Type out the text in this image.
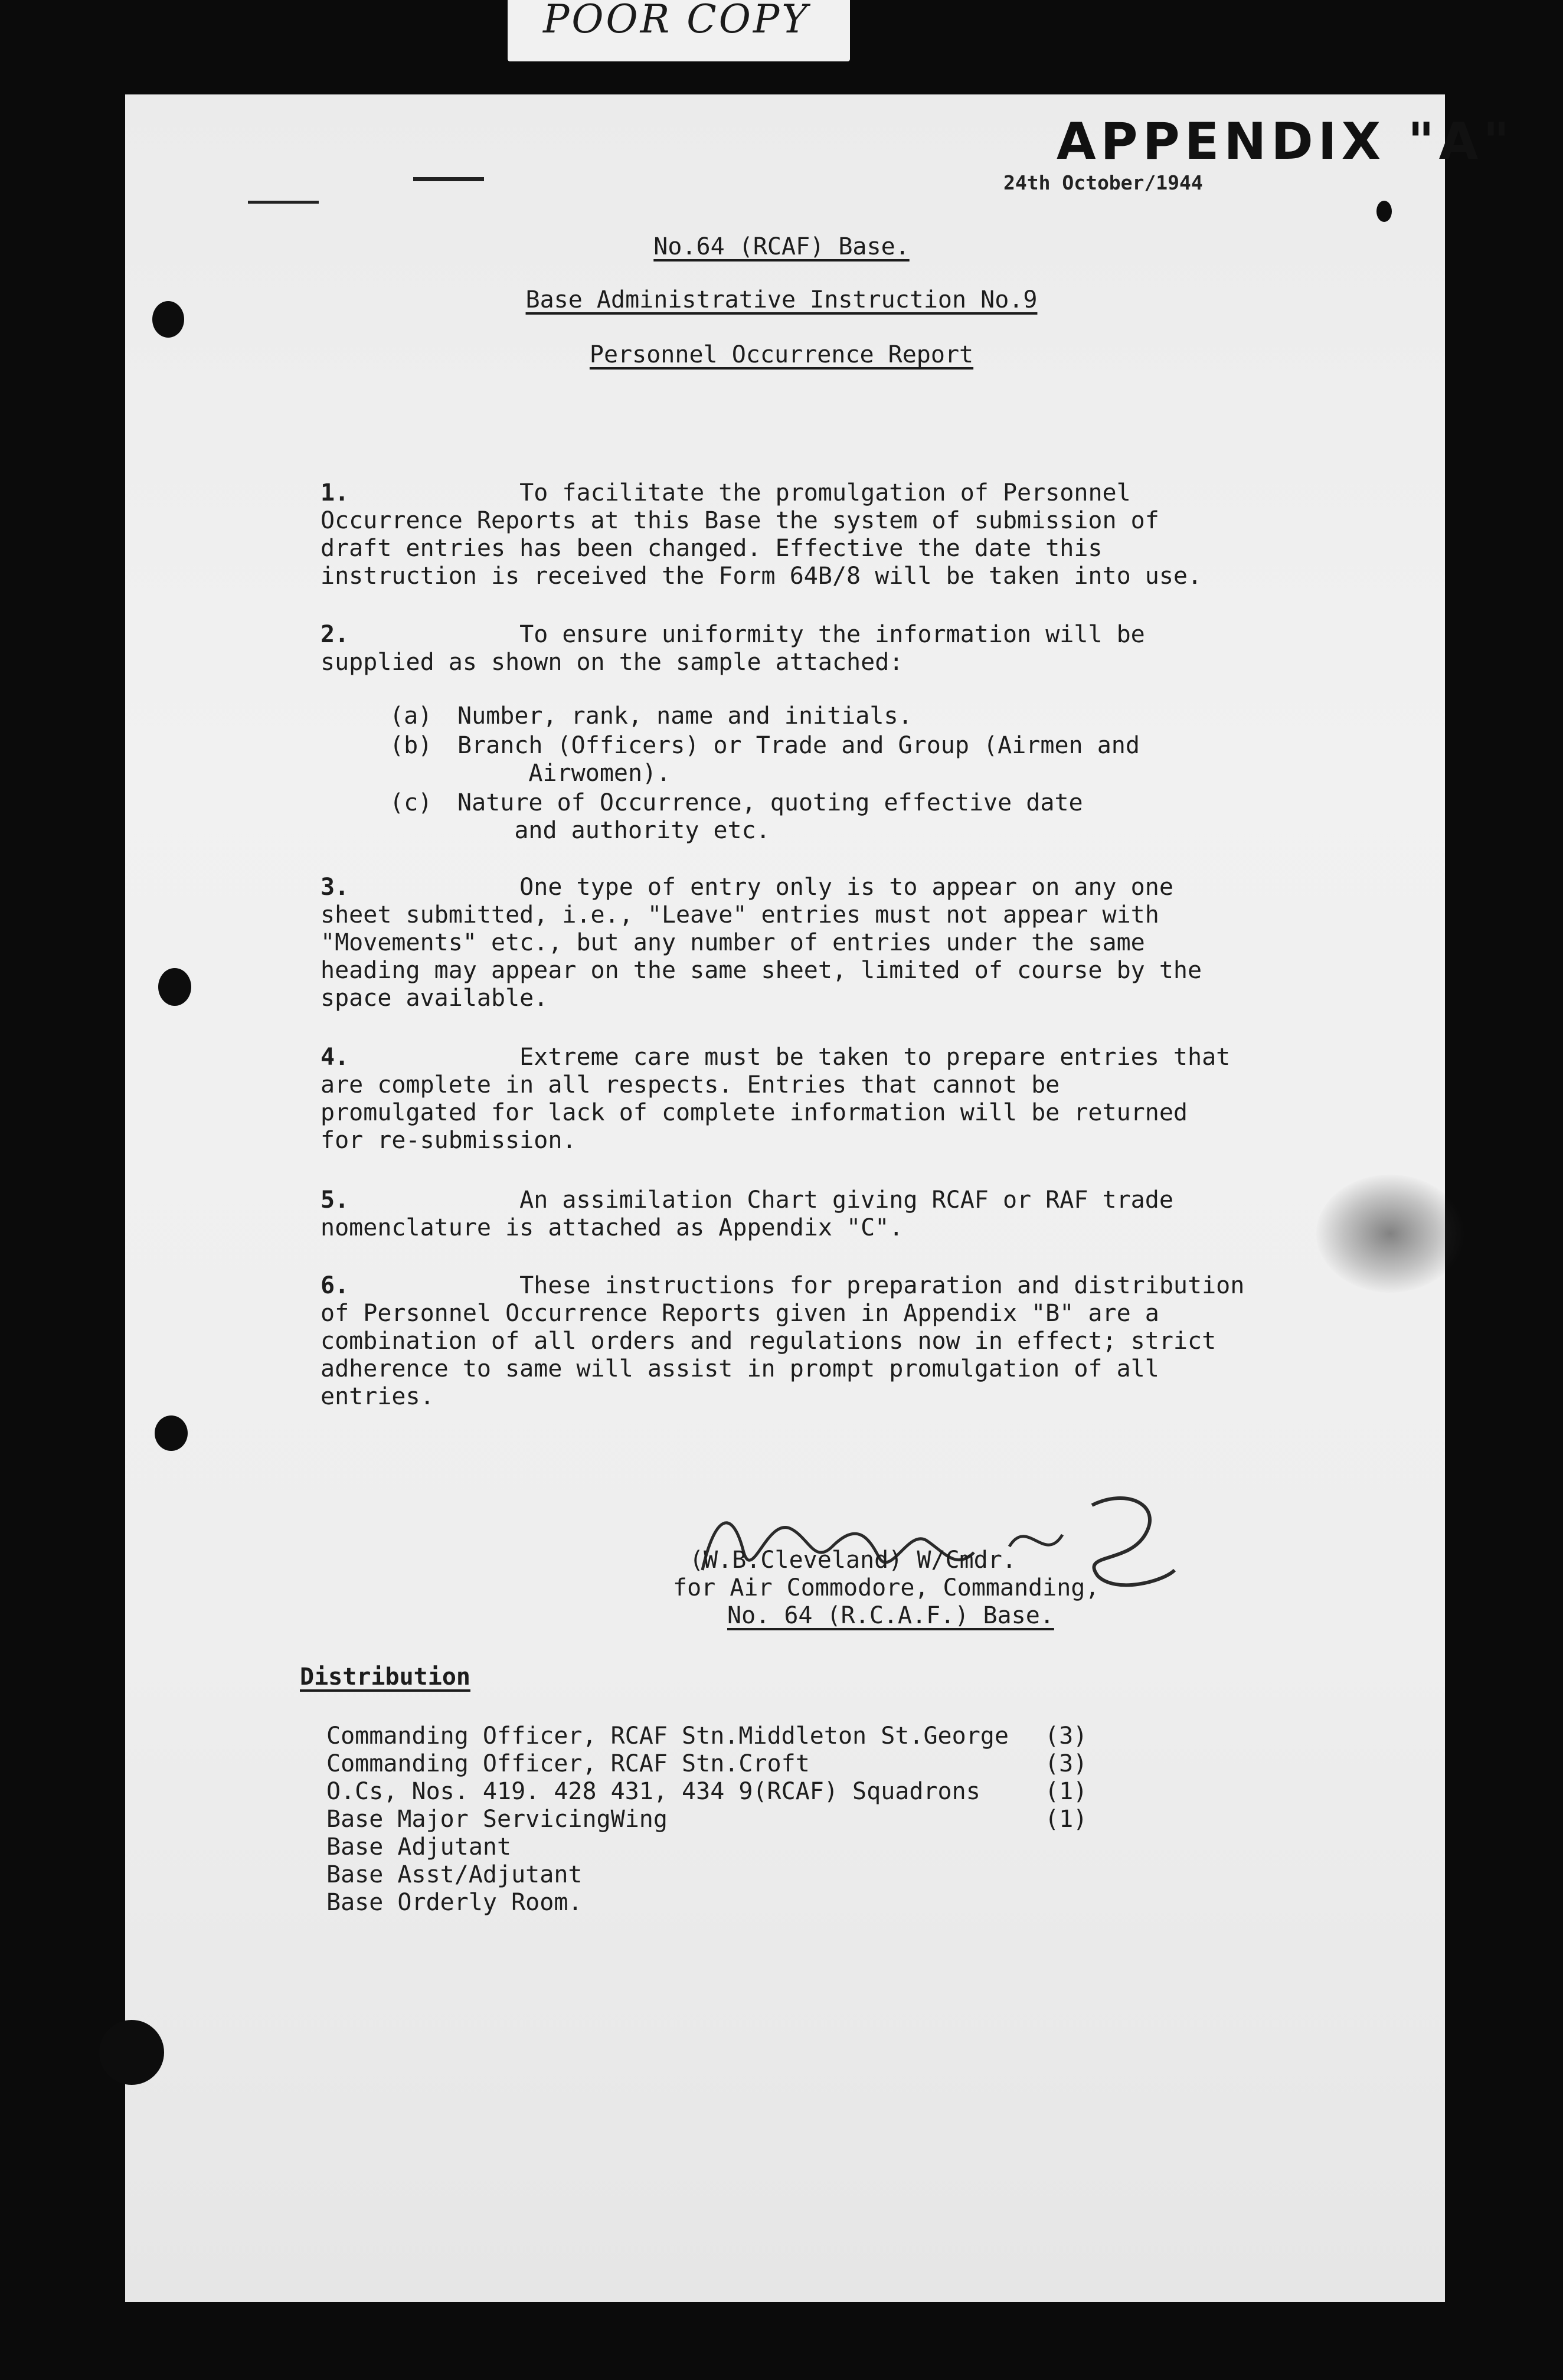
POOR COPY
APPENDIX "A"
24th October/1944
No.64 (RCAF) Base.
Base Administrative Instruction No.9
Personnel Occurrence Report
1.            To facilitate the promulgation of Personnel
Occurrence Reports at this Base the system of submission of
draft entries has been changed. Effective the date this
instruction is received the Form 64B/8 will be taken into use.
2.            To ensure uniformity the information will be
supplied as shown on the sample attached:
(a) Number, rank, name and initials.
(b) Branch (Officers) or Trade and Group (Airmen and
Airwomen).
(c) Nature of Occurrence, quoting effective date
and authority etc.
3.            One type of entry only is to appear on any one
sheet submitted, i.e., "Leave" entries must not appear with
"Movements" etc., but any number of entries under the same
heading may appear on the same sheet, limited of course by the
space available.
4.            Extreme care must be taken to prepare entries that
are complete in all respects. Entries that cannot be
promulgated for lack of complete information will be returned
for re-submission.
5.            An assimilation Chart giving RCAF or RAF trade
nomenclature is attached as Appendix "C".
6.            These instructions for preparation and distribution
of Personnel Occurrence Reports given in Appendix "B" are a
combination of all orders and regulations now in effect; strict
adherence to same will assist in prompt promulgation of all
entries.
(W.B.Cleveland) W/Cmdr.
for Air Commodore, Commanding,
No. 64 (R.C.A.F.) Base.
Distribution
Commanding Officer, RCAF Stn.Middleton St.George (3)
Commanding Officer, RCAF Stn.Croft	(3)
O.Cs, Nos. 419. 428 431, 434 9(RCAF) Squadrons	(1)
Base Major ServicingWing	(1)
Base Adjutant
Base Asst/Adjutant
Base Orderly Room.
